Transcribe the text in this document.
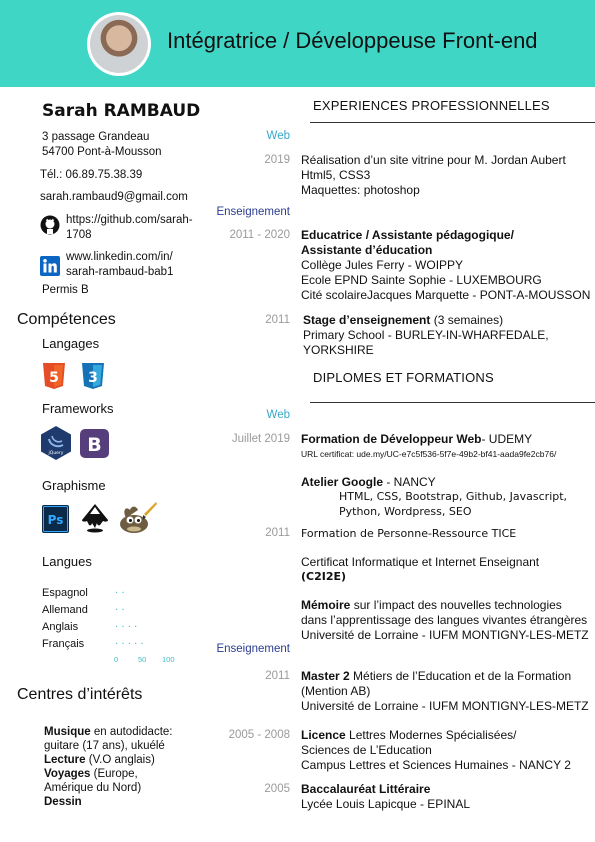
Intégratrice / Développeuse Front-end
Sarah RAMBAUD
3 passage Grandeau
54700 Pont-à-Mousson
Tél.: 06.89.75.38.39
sarah.rambaud9@gmail.com
https://github.com/sarah-
1708
www.linkedin.com/in/
sarah-rambaud-bab1
Permis B
Compétences
Langages
5 3
Frameworks
jQuery B
Graphisme
Ps
Langues
Espagnol	. .
Allemand	. .
Anglais	. . . .
Français	. . . . .
0	50 100
Centres d’intérêts
Musique en autodidacte:
guitare (17 ans), ukuélé
Lecture (V.O anglais)
Voyages (Europe,
Amérique du Nord)
Dessin
EXPERIENCES PROFESSIONNELLES
Web
2019 Réalisation d’un site vitrine pour M. Jordan Aubert
Html5, CSS3
Maquettes: photoshop
Enseignement
2011 - 2020 Educatrice / Assistante pédagogique/
Assistante d’éducation
Collège Jules Ferry - WOIPPY
Ecole EPND Sainte Sophie - LUXEMBOURG
Cité scolaireJacques Marquette - PONT-A-MOUSSON
2011 Stage d’enseignement (3 semaines)
Primary School - BURLEY-IN-WHARFEDALE,
YORKSHIRE
DIPLOMES ET FORMATIONS
Web
Juillet 2019 Formation de Développeur Web- UDEMY
URL certificat: ude.my/UC-e7c5f536-5f7e-49b2-bf41-aada9fe2cb76/
Atelier Google - NANCY
HTML, CSS, Bootstrap, Github, Javascript,
Python, Wordpress, SEO
2011 Formation de Personne-Ressource TICE
Certificat Informatique et Internet Enseignant
(C2I2E)
Mémoire sur l’impact des nouvelles technologies
dans l’apprentissage des langues vivantes étrangères
Université de Lorraine - IUFM MONTIGNY-LES-METZ
Enseignement
2011 Master 2 Métiers de l’Education et de la Formation
(Mention AB)
Université de Lorraine - IUFM MONTIGNY-LES-METZ
2005 - 2008 Licence Lettres Modernes Spécialisées/
Sciences de L’Education
Campus Lettres et Sciences Humaines - NANCY 2
2005 Baccalauréat Littéraire
Lycée Louis Lapicque - EPINAL
